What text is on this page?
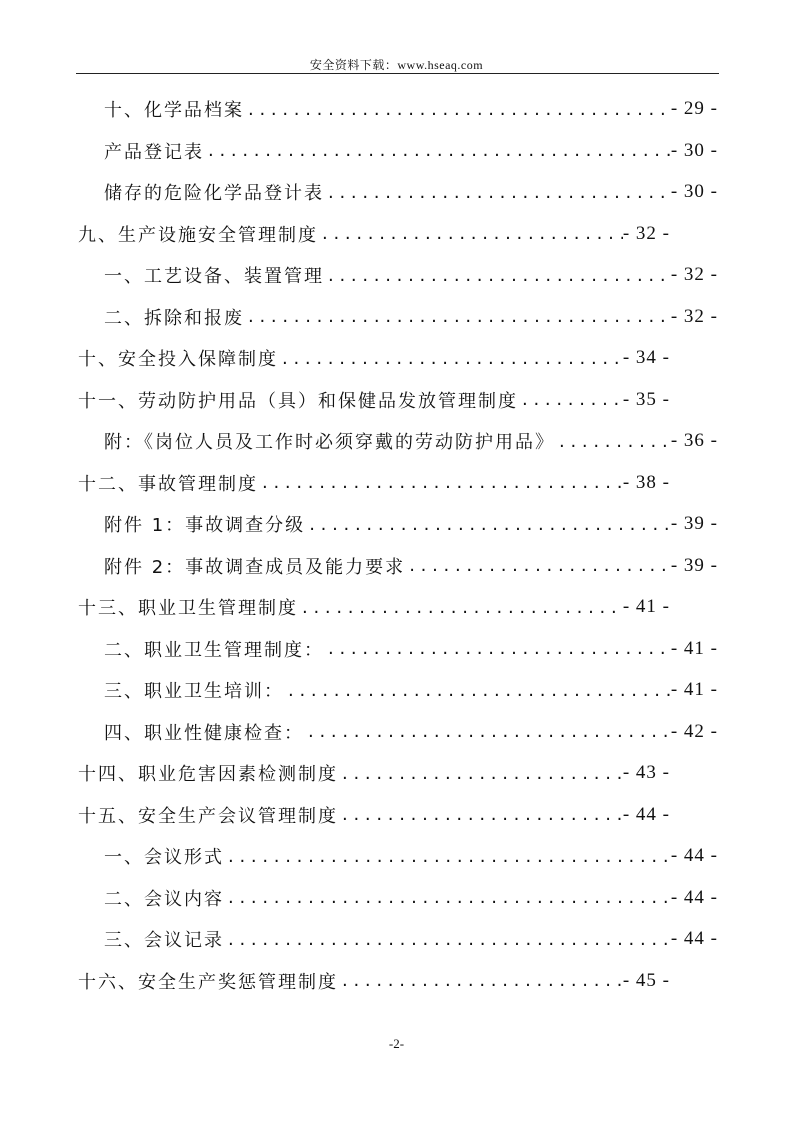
安全资料下载：www.hseaq.com
十、化学品档案 . . .	- 29 -
产品登记表 . . .	- 30 -
储存的危险化学品登计表 . . .	- 30 -
九、生产设施安全管理制度 . . .	- 32 -
一、工艺设备、装置管理 . . .	- 32 -
二、拆除和报废 . . .	- 32 -
十、安全投入保障制度 . . .	- 34 -
十一、劳动防护用品（具）和保健品发放管理制度 . . .	- 35 -
附：《岗位人员及工作时必须穿戴的劳动防护用品》 . . .	- 36 -
十二、事故管理制度 . . .	- 38 -
附件 1：事故调查分级 . . .	- 39 -
附件 2：事故调查成员及能力要求 . . .	- 39 -
十三、职业卫生管理制度 . . .	- 41 -
二、职业卫生管理制度： . . .	- 41 -
三、职业卫生培训： . . .	- 41 -
四、职业性健康检查： . . .	- 42 -
十四、职业危害因素检测制度 . . .	- 43 -
十五、安全生产会议管理制度 . . .	- 44 -
一、会议形式 . . .	- 44 -
二、会议内容 . . .	- 44 -
三、会议记录 . . .	- 44 -
十六、安全生产奖惩管理制度 . . .	- 45 -
-2-
